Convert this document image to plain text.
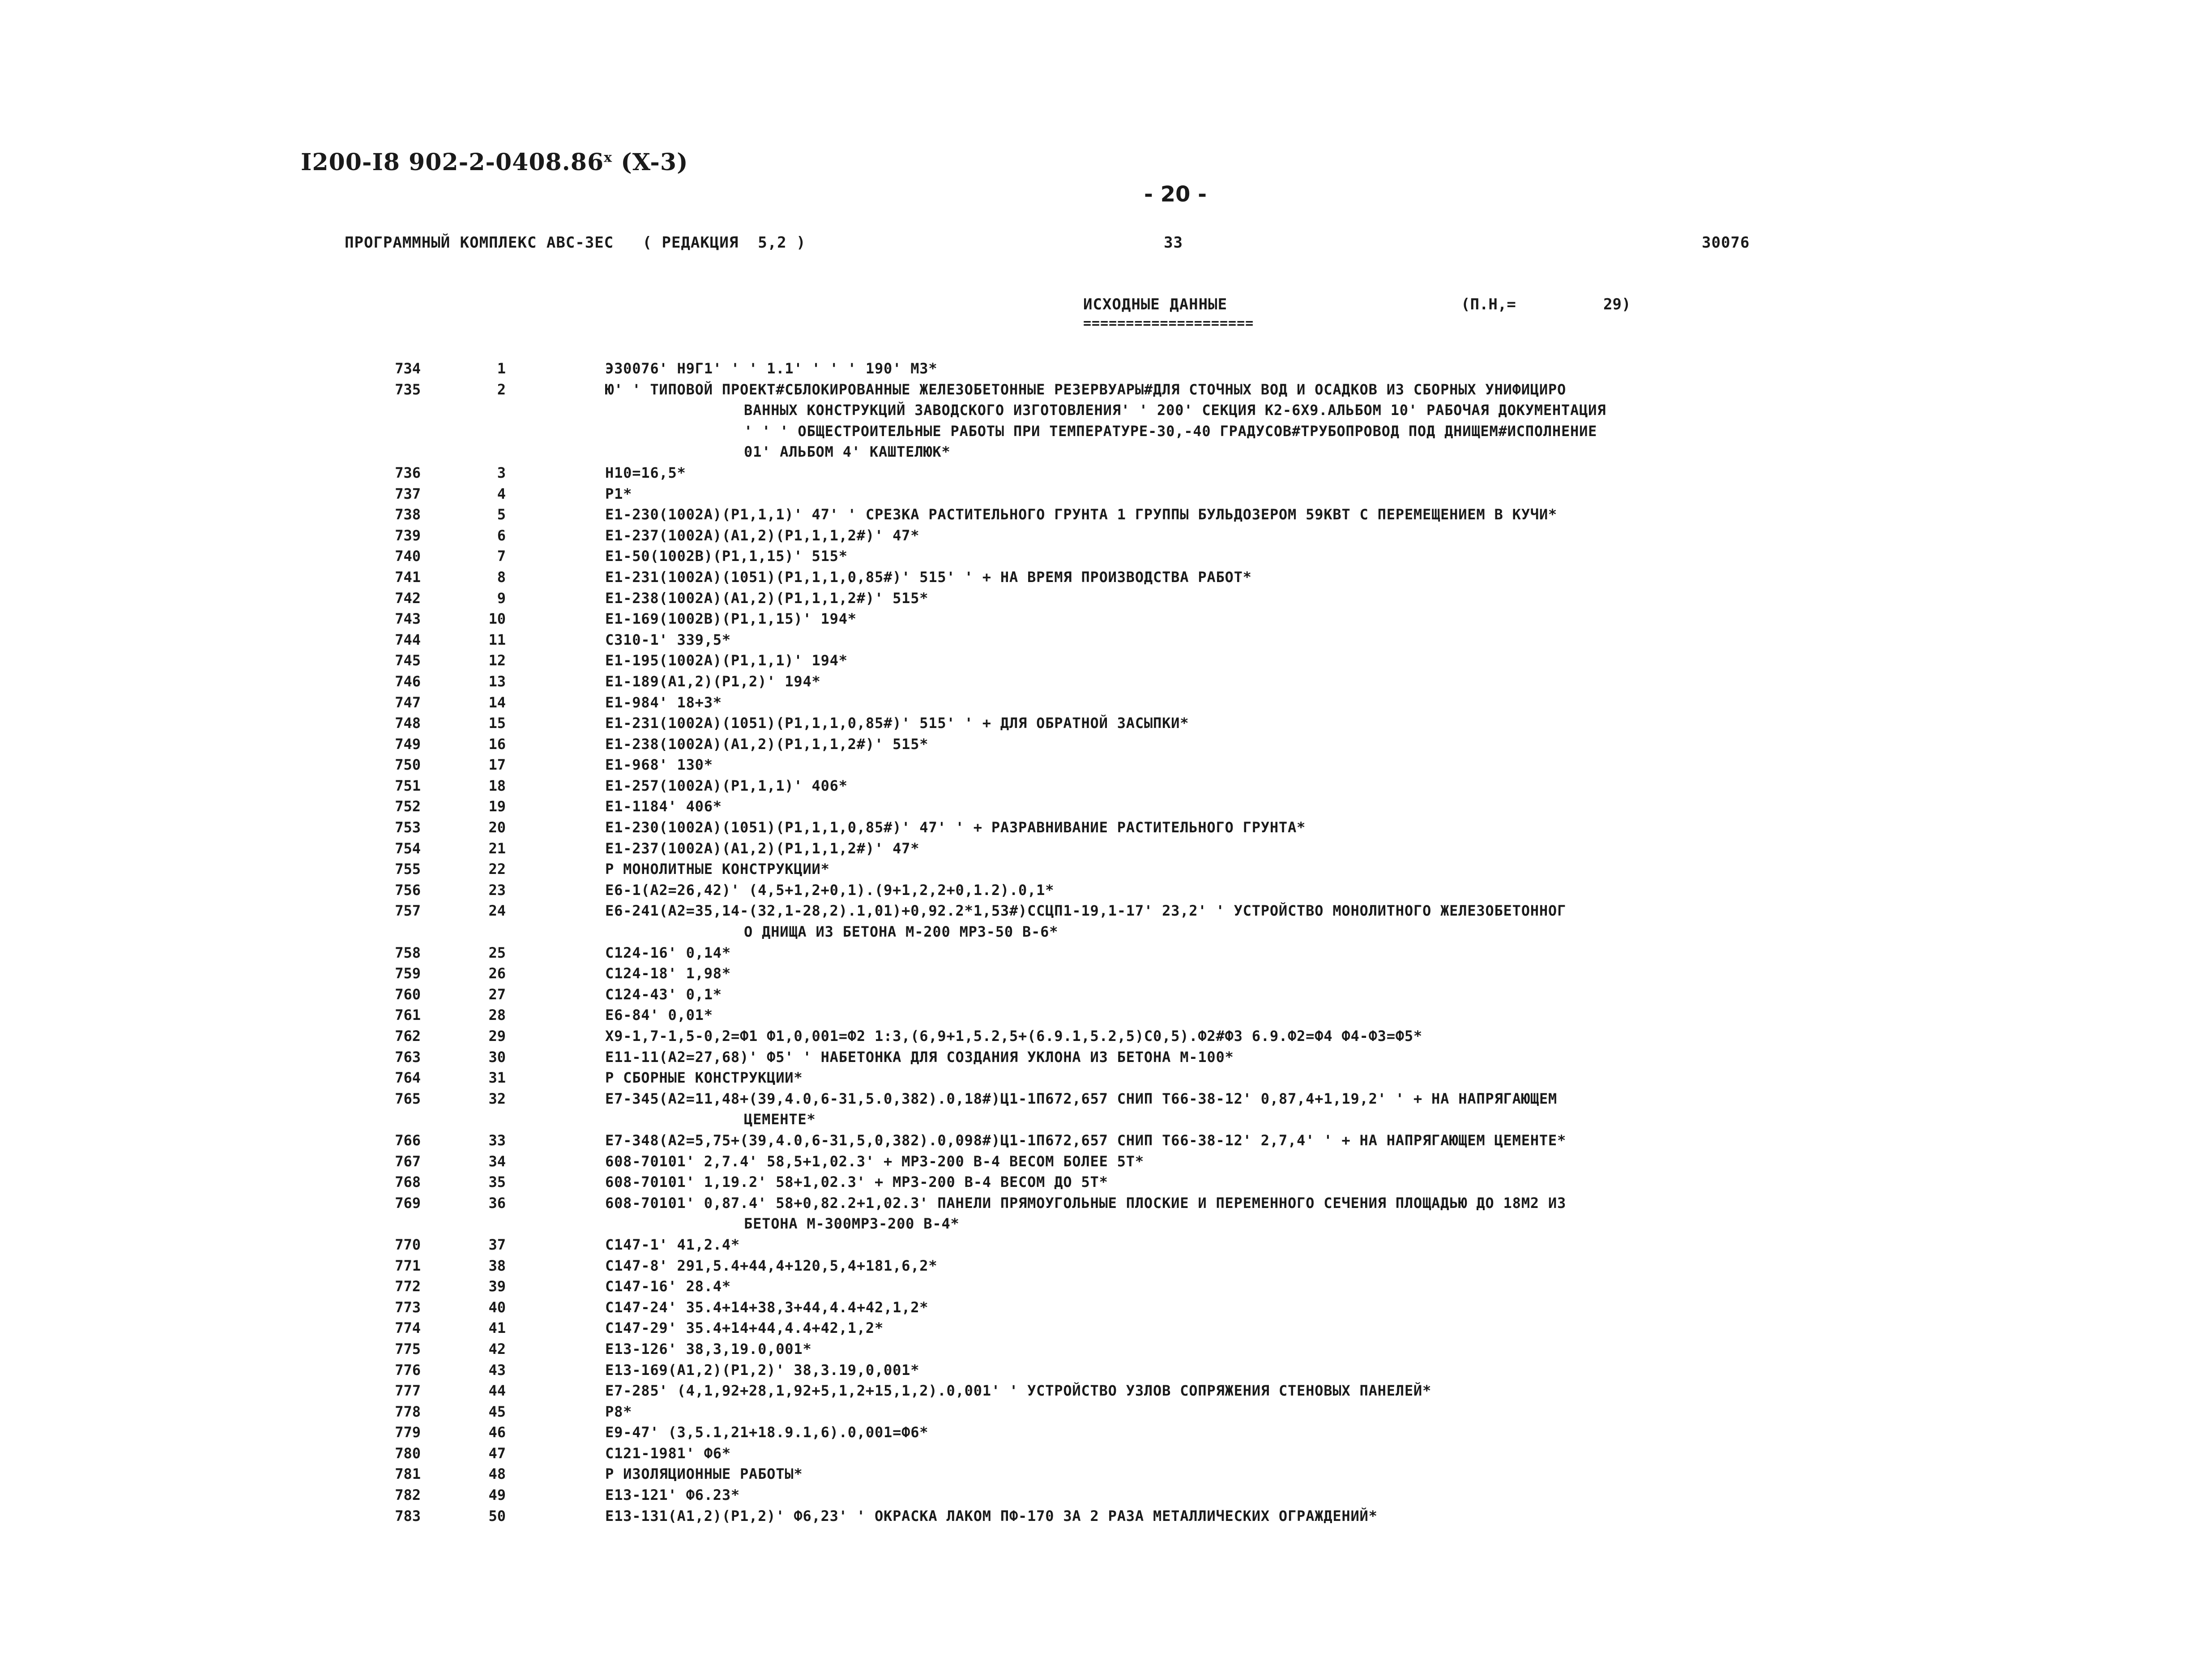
I200-I8 902-2-0408.86$^x$ (X-3)
- 20 -
ПРОГРАММНЫЙ КОМПЛЕКС АВС-3ЕС   ( РЕДАКЦИЯ  5,2 )	33	30076
ИСХОДНЫЕ ДАННЫЕ
====================
(П.Н,=	29)
734	1	Э30076' Н9Г1' ' ' 1.1' ' ' ' 190' М3*
735	2	Ю' ' ТИПОВОЙ ПРОЕКТ#СБЛОКИРОВАННЫЕ ЖЕЛЕЗОБЕТОННЫЕ РЕЗЕРВУАРЫ#ДЛЯ СТОЧНЫХ ВОД И ОСАДКОВ ИЗ СБОРНЫХ УНИФИЦИРО
ВАННЫХ КОНСТРУКЦИЙ ЗАВОДСКОГО ИЗГОТОВЛЕНИЯ' ' 200' СЕКЦИЯ К2-6Х9.АЛЬБОМ 10' РАБОЧАЯ ДОКУМЕНТАЦИЯ
' ' ' ОБЩЕСТРОИТЕЛЬНЫЕ РАБОТЫ ПРИ ТЕМПЕРАТУРЕ-30,-40 ГРАДУСОВ#ТРУБОПРОВОД ПОД ДНИЩЕМ#ИСПОЛНЕНИЕ
01' АЛЬБОМ 4' КАШТЕЛЮК*
736	3	Н10=16,5*
737	4	Р1*
738	5	Е1-230(1002А)(Р1,1,1)' 47' ' СРЕЗКА РАСТИТЕЛЬНОГО ГРУНТА 1 ГРУППЫ БУЛЬДОЗЕРОМ 59КВТ С ПЕРЕМЕЩЕНИЕМ В КУЧИ*
739	6	Е1-237(1002А)(А1,2)(Р1,1,1,2#)' 47*
740	7	Е1-50(1002В)(Р1,1,15)' 515*
741	8	Е1-231(1002А)(1051)(Р1,1,1,0,85#)' 515' ' + НА ВРЕМЯ ПРОИЗВОДСТВА РАБОТ*
742	9	Е1-238(1002А)(А1,2)(Р1,1,1,2#)' 515*
743	10	Е1-169(1002В)(Р1,1,15)' 194*
744	11	С310-1' 339,5*
745	12	Е1-195(1002А)(Р1,1,1)' 194*
746	13	Е1-189(А1,2)(Р1,2)' 194*
747	14	Е1-984' 18+3*
748	15	Е1-231(1002А)(1051)(Р1,1,1,0,85#)' 515' ' + ДЛЯ ОБРАТНОЙ ЗАСЫПКИ*
749	16	Е1-238(1002А)(А1,2)(Р1,1,1,2#)' 515*
750	17	Е1-968' 130*
751	18	Е1-257(1002А)(Р1,1,1)' 406*
752	19	Е1-1184' 406*
753	20	Е1-230(1002А)(1051)(Р1,1,1,0,85#)' 47' ' + РАЗРАВНИВАНИЕ РАСТИТЕЛЬНОГО ГРУНТА*
754	21	Е1-237(1002А)(А1,2)(Р1,1,1,2#)' 47*
755	22	Р МОНОЛИТНЫЕ КОНСТРУКЦИИ*
756	23	Е6-1(А2=26,42)' (4,5+1,2+0,1).(9+1,2,2+0,1.2).0,1*
757	24	Е6-241(А2=35,14-(32,1-28,2).1,01)+0,92.2*1,53#)ССЦП1-19,1-17' 23,2' ' УСТРОЙСТВО МОНОЛИТНОГО ЖЕЛЕЗОБЕТОННОГ
О ДНИЩА ИЗ БЕТОНА М-200 МРЗ-50 В-6*
758	25	С124-16' 0,14*
759	26	С124-18' 1,98*
760	27	С124-43' 0,1*
761	28	Е6-84' 0,01*
762	29	Х9-1,7-1,5-0,2=Ф1 Ф1,0,001=Ф2 1:3,(6,9+1,5.2,5+(6.9.1,5.2,5)С0,5).Ф2#Ф3 6.9.Ф2=Ф4 Ф4-Ф3=Ф5*
763	30	Е11-11(А2=27,68)' Ф5' ' НАБЕТОНКА ДЛЯ СОЗДАНИЯ УКЛОНА ИЗ БЕТОНА М-100*
764	31	Р СБОРНЫЕ КОНСТРУКЦИИ*
765	32	Е7-345(А2=11,48+(39,4.0,6-31,5.0,382).0,18#)Ц1-1П672,657 СНИП Т66-38-12' 0,87,4+1,19,2' ' + НА НАПРЯГАЮЩЕМ
ЦЕМЕНТЕ*
766	33	Е7-348(А2=5,75+(39,4.0,6-31,5,0,382).0,098#)Ц1-1П672,657 СНИП Т66-38-12' 2,7,4' ' + НА НАПРЯГАЮЩЕМ ЦЕМЕНТЕ*
767	34	608-70101' 2,7.4' 58,5+1,02.3' + МРЗ-200 В-4 ВЕСОМ БОЛЕЕ 5Т*
768	35	608-70101' 1,19.2' 58+1,02.3' + МРЗ-200 В-4 ВЕСОМ ДО 5Т*
769	36	608-70101' 0,87.4' 58+0,82.2+1,02.3' ПАНЕЛИ ПРЯМОУГОЛЬНЫЕ ПЛОСКИЕ И ПЕРЕМЕННОГО СЕЧЕНИЯ ПЛОЩАДЬЮ ДО 18М2 ИЗ
БЕТОНА М-300МРЗ-200 В-4*
770	37	С147-1' 41,2.4*
771	38	С147-8' 291,5.4+44,4+120,5,4+181,6,2*
772	39	С147-16' 28.4*
773	40	С147-24' 35.4+14+38,3+44,4.4+42,1,2*
774	41	С147-29' 35.4+14+44,4.4+42,1,2*
775	42	Е13-126' 38,3,19.0,001*
776	43	Е13-169(А1,2)(Р1,2)' 38,3.19,0,001*
777	44	Е7-285' (4,1,92+28,1,92+5,1,2+15,1,2).0,001' ' УСТРОЙСТВО УЗЛОВ СОПРЯЖЕНИЯ СТЕНОВЫХ ПАНЕЛЕЙ*
778	45	Р8*
779	46	Е9-47' (3,5.1,21+18.9.1,6).0,001=Ф6*
780	47	С121-1981' Ф6*
781	48	Р ИЗОЛЯЦИОННЫЕ РАБОТЫ*
782	49	Е13-121' Ф6.23*
783	50	Е13-131(А1,2)(Р1,2)' Ф6,23' ' ОКРАСКА ЛАКОМ ПФ-170 ЗА 2 РАЗА МЕТАЛЛИЧЕСКИХ ОГРАЖДЕНИЙ*
